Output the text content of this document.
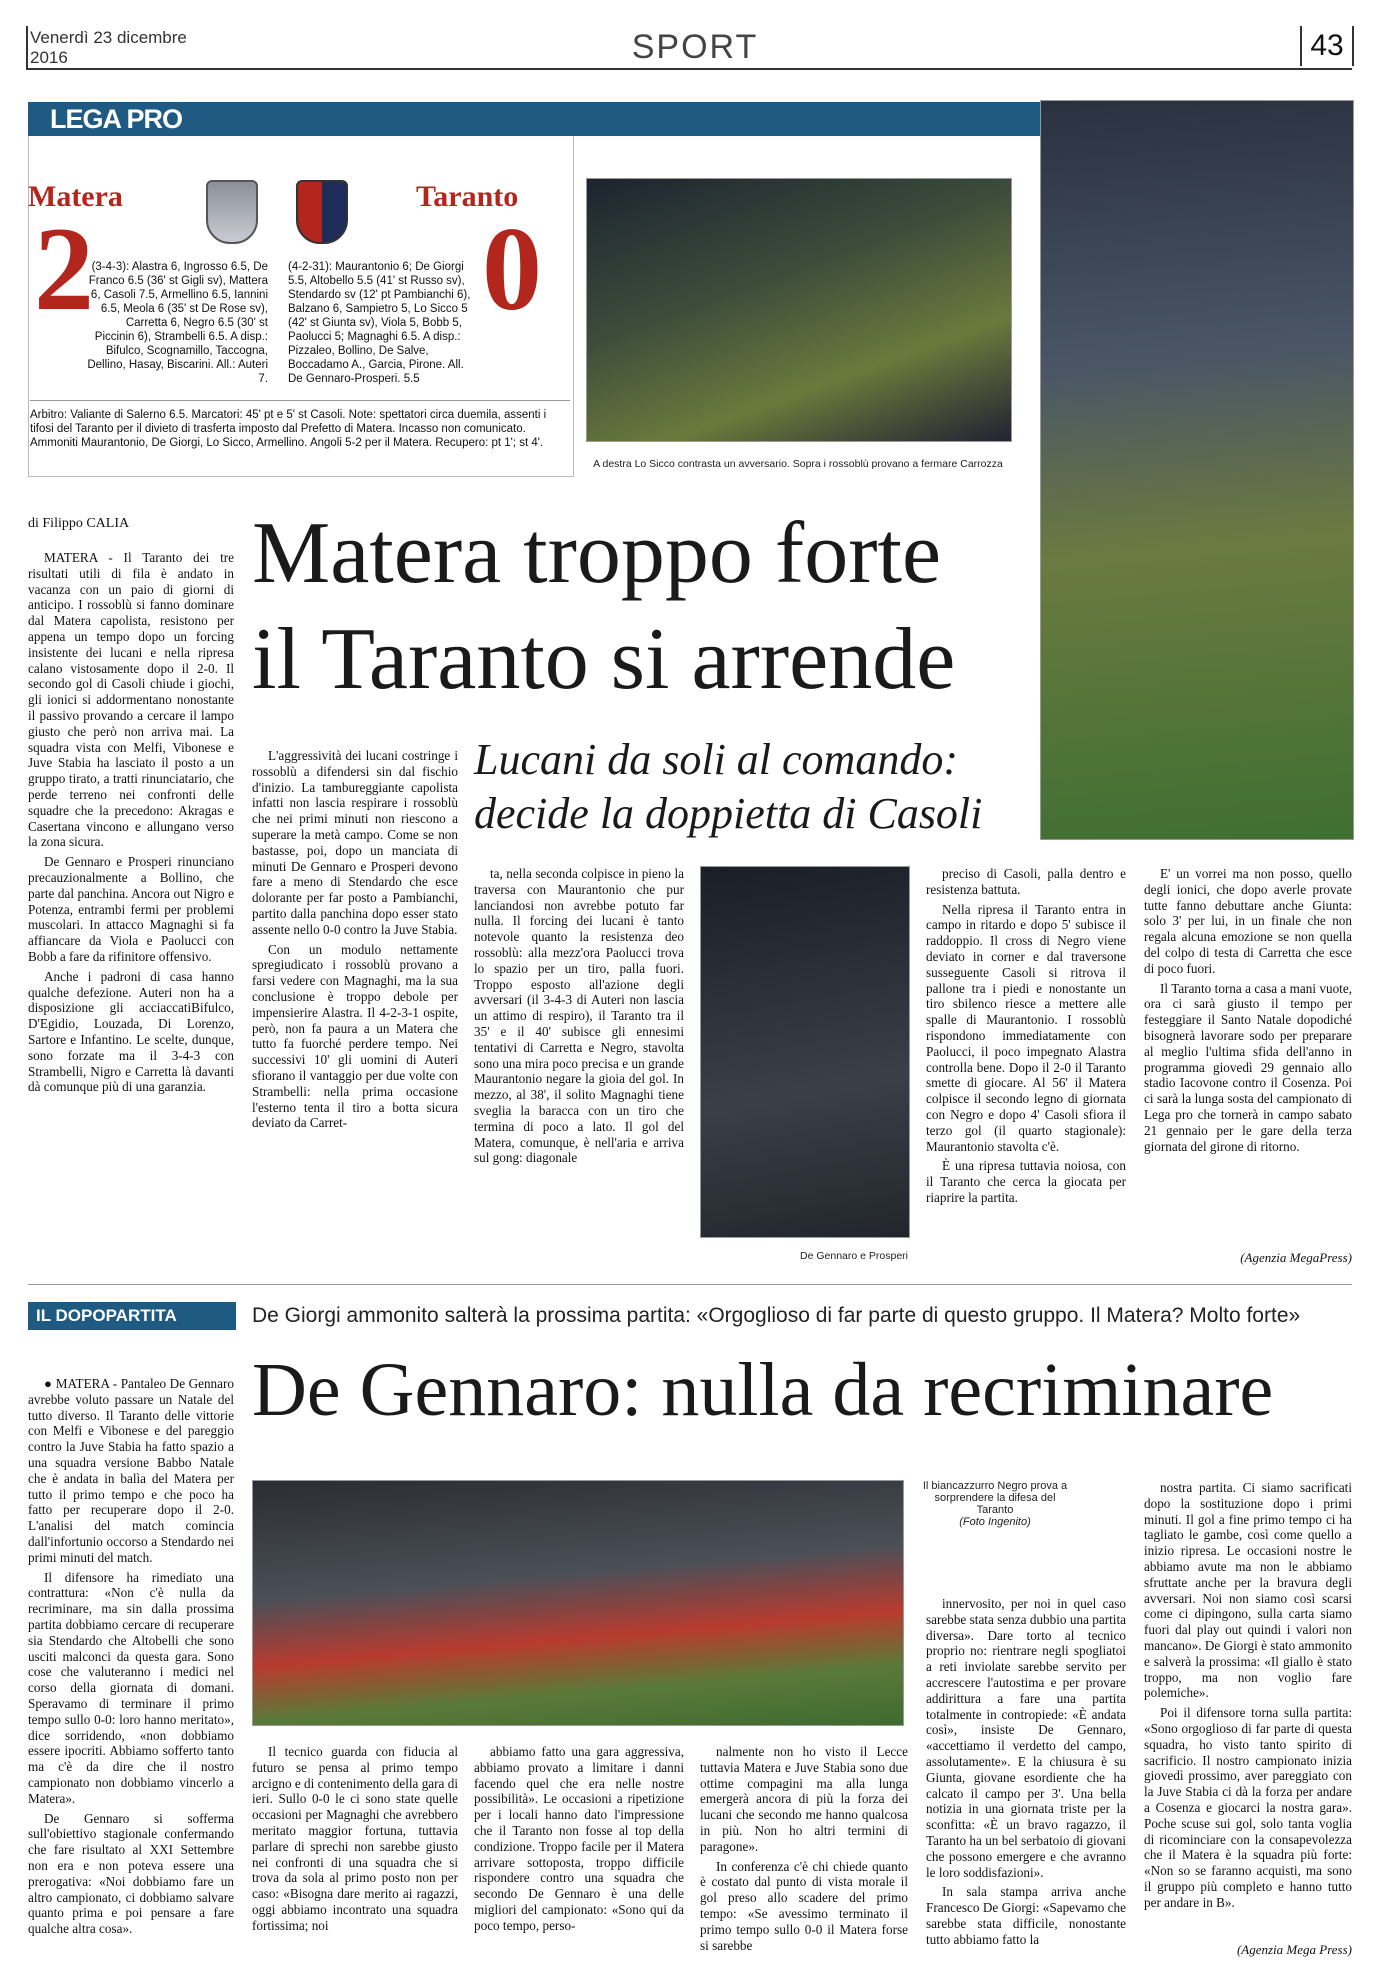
Venerdì 23 dicembre
2016	SPORT	43
LEGA PRO
Matera
2
Taranto
0
(3-4-3): Alastra 6, Ingrosso 6.5, De Franco 6.5 (36' st Gigli sv), Mattera 6, Casoli 7.5, Armellino 6.5, Iannini 6.5, Meola 6 (35' st De Rose sv), Carretta 6, Negro 6.5 (30' st Piccinin 6), Strambelli 6.5. A disp.: Bifulco, Scognamillo, Taccogna, Dellino, Hasay, Biscarini. All.: Auteri 7.
(4-2-31): Maurantonio 6; De Giorgi 5.5, Altobello 5.5 (41' st Russo sv), Stendardo sv (12' pt Pambianchi 6), Balzano 6, Sampietro 5, Lo Sicco 5 (42' st Giunta sv), Viola 5, Bobb 5, Paolucci 5; Magnaghi 6.5. A disp.: Pizzaleo, Bollino, De Salve, Boccadamo A., Garcia, Pirone. All. De Gennaro-Prosperi. 5.5
Arbitro: Valiante di Salerno 6.5. Marcatori: 45' pt e 5' st Casoli. Note: spettatori circa duemila, assenti i tifosi del Taranto per il divieto di trasferta imposto dal Prefetto di Matera. Incasso non comunicato. Ammoniti Maurantonio, De Giorgi, Lo Sicco, Armellino. Angoli 5-2 per il Matera. Recupero: pt 1'; st 4'.
A destra Lo Sicco contrasta un avversario. Sopra i rossoblù provano a fermare Carrozza
di Filippo CALIA Matera troppo forte
il Taranto si arrende
Lucani da soli al comando:
decide la doppietta di Casoli

MATERA - Il Taranto dei tre risultati utili di fila è andato in vacanza con un paio di giorni di anticipo. I rossoblù si fanno dominare dal Matera capolista, resistono per appena un tempo dopo un forcing insistente dei lucani e nella ripresa calano vistosamente dopo il 2-0. Il secondo gol di Casoli chiude i giochi, gli ionici si addormentano nonostante il passivo provando a cercare il lampo giusto che però non arriva mai. La squadra vista con Melfi, Vibonese e Juve Stabia ha lasciato il posto a un gruppo tirato, a tratti rinunciatario, che perde terreno nei confronti delle squadre che la precedono: Akragas e Casertana vincono e allungano verso la zona sicura.

De Gennaro e Prosperi rinunciano precauzionalmente a Bollino, che parte dal panchina. Ancora out Nigro e Potenza, entrambi fermi per problemi muscolari. In attacco Magnaghi si fa affiancare da Viola e Paolucci con Bobb a fare da rifinitore offensivo.

Anche i padroni di casa hanno qualche defezione. Auteri non ha a disposizione gli acciaccatiBifulco, D'Egidio, Louzada, Di Lorenzo, Sartore e Infantino. Le scelte, dunque, sono forzate ma il 3-4-3 con Strambelli, Nigro e Carretta là davanti dà comunque più di una garanzia.

L'aggressività dei lucani costringe i rossoblù a difendersi sin dal fischio d'inizio. La tambureggiante capolista infatti non lascia respirare i rossoblù che nei primi minuti non riescono a superare la metà campo. Come se non bastasse, poi, dopo un manciata di minuti De Gennaro e Prosperi devono fare a meno di Stendardo che esce dolorante per far posto a Pambianchi, partito dalla panchina dopo esser stato assente nello 0-0 contro la Juve Stabia.

Con un modulo nettamente spregiudicato i rossoblù provano a farsi vedere con Magnaghi, ma la sua conclusione è troppo debole per impensierire Alastra. Il 4-2-3-1 ospite, però, non fa paura a un Matera che tutto fa fuorché perdere tempo. Nei successivi 10' gli uomini di Auteri sfiorano il vantaggio per due volte con Strambelli: nella prima occasione l'esterno tenta il tiro a botta sicura deviato da Carret-

ta, nella seconda colpisce in pieno la traversa con Maurantonio che pur lanciandosi non avrebbe potuto far nulla. Il forcing dei lucani è tanto notevole quanto la resistenza deo rossoblù: alla mezz'ora Paolucci trova lo spazio per un tiro, palla fuori. Troppo esposto all'azione degli avversari (il 3-4-3 di Auteri non lascia un attimo di respiro), il Taranto tra il 35' e il 40' subisce gli ennesimi tentativi di Carretta e Negro, stavolta sono una mira poco precisa e un grande Maurantonio negare la gioia del gol. In mezzo, al 38', il solito Magnaghi tiene sveglia la baracca con un tiro che termina di poco a lato. Il gol del Matera, comunque, è nell'aria e arriva sul gong: diagonale

De Gennaro e Prosperi

preciso di Casoli, palla dentro e resistenza battuta.

Nella ripresa il Taranto entra in campo in ritardo e dopo 5' subisce il raddoppio. Il cross di Negro viene deviato in corner e dal traversone susseguente Casoli si ritrova il pallone tra i piedi e nonostante un tiro sbilenco riesce a mettere alle spalle di Maurantonio. I rossoblù rispondono immediatamente con Paolucci, il poco impegnato Alastra controlla bene. Dopo il 2-0 il Taranto smette di giocare. Al 56' il Matera colpisce il secondo legno di giornata con Negro e dopo 4' Casoli sfiora il terzo gol (il quarto stagionale): Maurantonio stavolta c'è.

È una ripresa tuttavia noiosa, con il Taranto che cerca la giocata per riaprire la partita.

E' un vorrei ma non posso, quello degli ionici, che dopo averle provate tutte fanno debuttare anche Giunta: solo 3' per lui, in un finale che non regala alcuna emozione se non quella del colpo di testa di Carretta che esce di poco fuori.

Il Taranto torna a casa a mani vuote, ora ci sarà giusto il tempo per festeggiare il Santo Natale dopodiché bisognerà lavorare sodo per preparare al meglio l'ultima sfida dell'anno in programma giovedì 29 gennaio allo stadio Iacovone contro il Cosenza. Poi ci sarà la lunga sosta del campionato di Lega pro che tornerà in campo sabato 21 gennaio per le gare della terza giornata del girone di ritorno.

(Agenzia MegaPress)
IL DOPOPARTITA	De Giorgi ammonito salterà la prossima partita: «Orgoglioso di far parte di questo gruppo. Il Matera? Molto forte»
De Gennaro: nulla da recriminare

● MATERA - Pantaleo De Gennaro avrebbe voluto passare un Natale del tutto diverso. Il Taranto delle vittorie con Melfi e Vibonese e del pareggio contro la Juve Stabia ha fatto spazio a una squadra versione Babbo Natale che è andata in balìa del Matera per tutto il primo tempo e che poco ha fatto per recuperare dopo il 2-0. L'analisi del match comincia dall'infortunio occorso a Stendardo nei primi minuti del match.

Il difensore ha rimediato una contrattura: «Non c'è nulla da recriminare, ma sin dalla prossima partita dobbiamo cercare di recuperare sia Stendardo che Altobelli che sono usciti malconci da questa gara. Sono cose che valuteranno i medici nel corso della giornata di domani. Speravamo di terminare il primo tempo sullo 0-0: loro hanno meritato», dice sorridendo, «non dobbiamo essere ipocriti. Abbiamo sofferto tanto ma c'è da dire che il nostro campionato non dobbiamo vincerlo a Matera».

De Gennaro si sofferma sull'obiettivo stagionale confermando che fare risultato al XXI Settembre non era e non poteva essere una prerogativa: «Noi dobbiamo fare un altro campionato, ci dobbiamo salvare quanto prima e poi pensare a fare qualche altra cosa».

Il biancazzurro Negro prova a sorprendere la difesa del Taranto
(Foto Ingenito)

Il tecnico guarda con fiducia al futuro se pensa al primo tempo arcigno e di contenimento della gara di ieri. Sullo 0-0 le ci sono state quelle occasioni per Magnaghi che avrebbero meritato maggior fortuna, tuttavia parlare di sprechi non sarebbe giusto nei confronti di una squadra che si trova da sola al primo posto non per caso: «Bisogna dare merito ai ragazzi, oggi abbiamo incontrato una squadra fortissima; noi

abbiamo fatto una gara aggressiva, abbiamo provato a limitare i danni facendo quel che era nelle nostre possibilità». Le occasioni a ripetizione per i locali hanno dato l'impressione che il Taranto non fosse al top della condizione. Troppo facile per il Matera arrivare sottoposta, troppo difficile rispondere contro una squadra che secondo De Gennaro è una delle migliori del campionato: «Sono qui da poco tempo, perso-

nalmente non ho visto il Lecce tuttavia Matera e Juve Stabia sono due ottime compagini ma alla lunga emergerà ancora di più la forza dei lucani che secondo me hanno qualcosa in più. Non ho altri termini di paragone».

In conferenza c'è chi chiede quanto è costato dal punto di vista morale il gol preso allo scadere del primo tempo: «Se avessimo terminato il primo tempo sullo 0-0 il Matera forse si sarebbe

innervosito, per noi in quel caso sarebbe stata senza dubbio una partita diversa». Dare torto al tecnico proprio no: rientrare negli spogliatoi a reti inviolate sarebbe servito per accrescere l'autostima e per provare addirittura a fare una partita totalmente in contropiede: «È andata così», insiste De Gennaro, «accettiamo il verdetto del campo, assolutamente». E la chiusura è su Giunta, giovane esordiente che ha calcato il campo per 3'. Una bella notizia in una giornata triste per la sconfitta: «È un bravo ragazzo, il Taranto ha un bel serbatoio di giovani che possono emergere e che avranno le loro soddisfazioni».

In sala stampa arriva anche Francesco De Giorgi: «Sapevamo che sarebbe stata difficile, nonostante tutto abbiamo fatto la

nostra partita. Ci siamo sacrificati dopo la sostituzione dopo i primi minuti. Il gol a fine primo tempo ci ha tagliato le gambe, così come quello a inizio ripresa. Le occasioni nostre le abbiamo avute ma non le abbiamo sfruttate anche per la bravura degli avversari. Noi non siamo così scarsi come ci dipingono, sulla carta siamo fuori dal play out quindi i valori non mancano». De Giorgi è stato ammonito e salverà la prossima: «Il giallo è stato troppo, ma non voglio fare polemiche».

Poi il difensore torna sulla partita: «Sono orgoglioso di far parte di questa squadra, ho visto tanto spirito di sacrificio. Il nostro campionato inizia giovedì prossimo, aver pareggiato con la Juve Stabia ci dà la forza per andare a Cosenza e giocarci la nostra gara». Poche scuse sui gol, solo tanta voglia di ricominciare con la consapevolezza che il Matera è la squadra più forte: «Non so se faranno acquisti, ma sono il gruppo più completo e hanno tutto per andare in B».

(Agenzia Mega Press)
